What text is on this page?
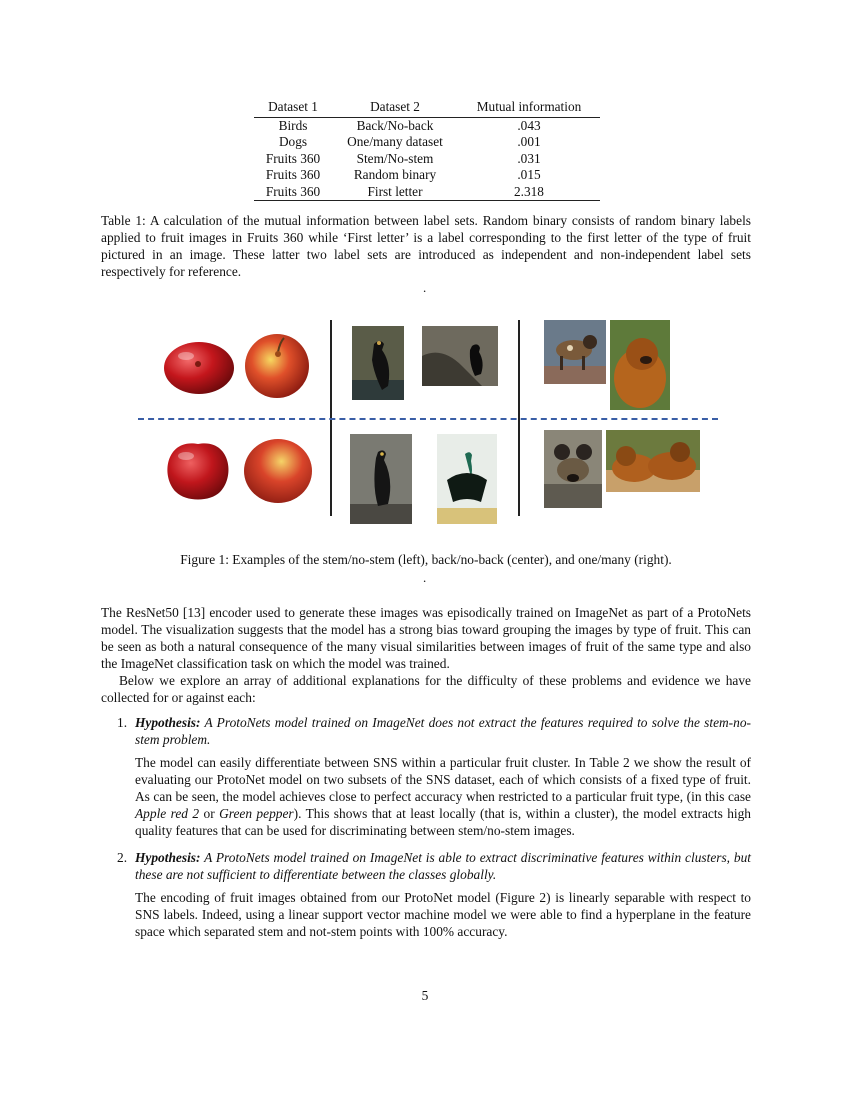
Dataset 1	Dataset 2	Mutual information
Birds	Back/No-back	.043
Dogs	One/many dataset	.001
Fruits 360	Stem/No-stem	.031
Fruits 360	Random binary	.015
Fruits 360	First letter	2.318

Table 1: A calculation of the mutual information between label sets. Random binary consists of random binary labels applied to fruit images in Fruits 360 while ‘First letter’ is a label corresponding to the first letter of the type of fruit pictured in an image. These latter two label sets are introduced as independent and non-independent label sets respectively for reference.

.
Figure 1: Examples of the stem/no-stem (left), back/no-back (center), and one/many (right).
.

The ResNet50 [13] encoder used to generate these images was episodically trained on ImageNet as part of a ProtoNets model. The visualization suggests that the model has a strong bias toward grouping the images by type of fruit. This can be seen as both a natural consequence of the many visual similarities between images of fruit of the same type and also the ImageNet classification task on which the model was trained.

Below we explore an array of additional explanations for the difficulty of these problems and evidence we have collected for or against each:

1. Hypothesis: A ProtoNets model trained on ImageNet does not extract the features required to solve the stem-no-stem problem.
The model can easily differentiate between SNS within a particular fruit cluster. In Table 2 we show the result of evaluating our ProtoNet model on two subsets of the SNS dataset, each of which consists of a fixed type of fruit. As can be seen, the model achieves close to perfect accuracy when restricted to a particular fruit type, (in this case Apple red 2 or Green pepper). This shows that at least locally (that is, within a cluster), the model extracts high quality features that can be used for discriminating between stem/no-stem images.
2. Hypothesis: A ProtoNets model trained on ImageNet is able to extract discriminative features within clusters, but these are not sufficient to differentiate between the classes globally.
The encoding of fruit images obtained from our ProtoNet model (Figure 2) is linearly separable with respect to SNS labels. Indeed, using a linear support vector machine model we were able to find a hyperplane in the feature space which separated stem and not-stem points with 100% accuracy.
5
